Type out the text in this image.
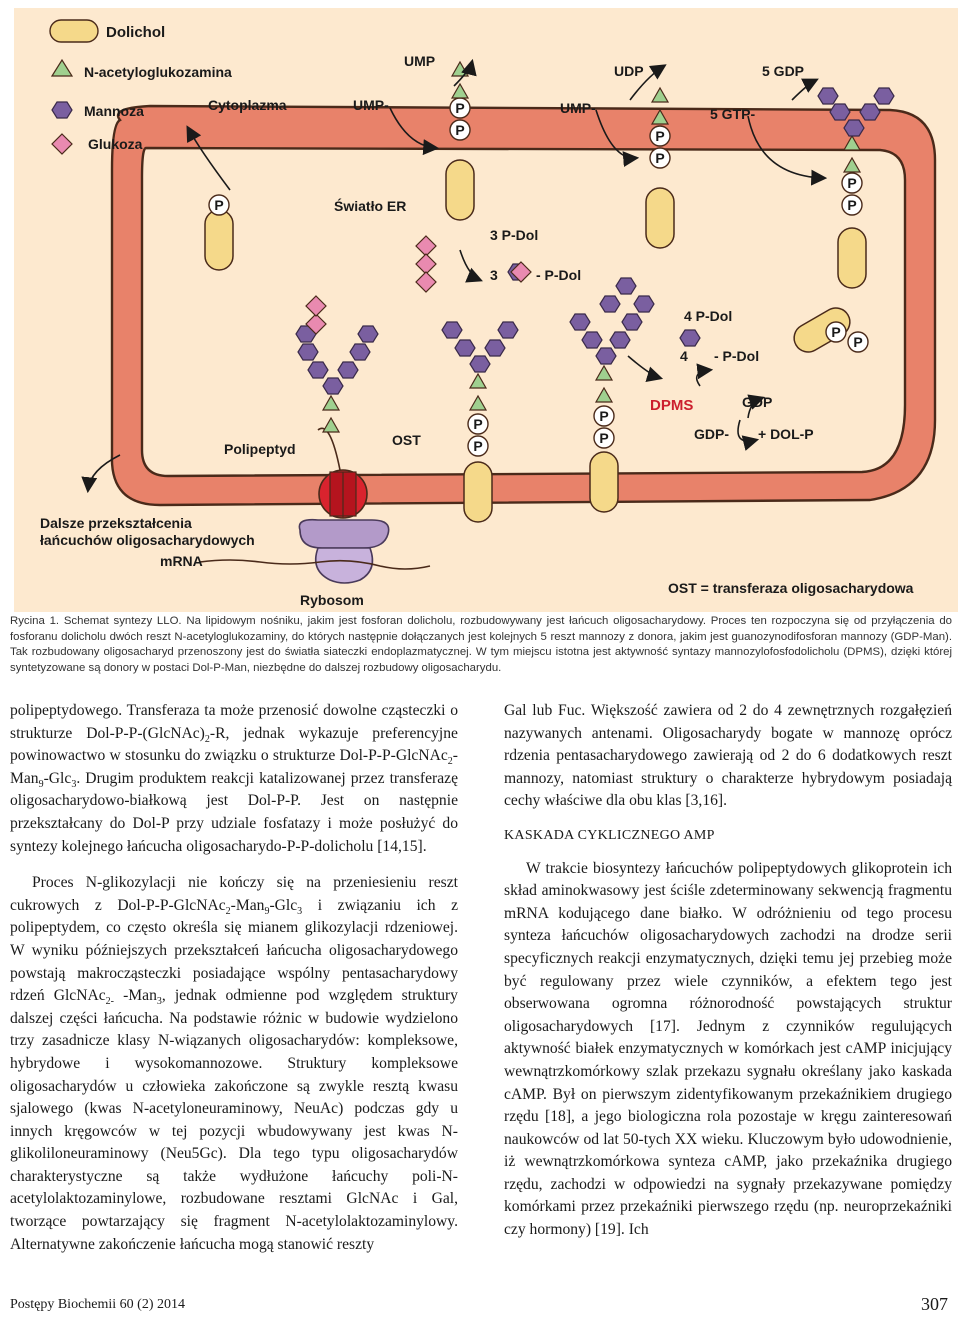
Dolichol
N-acetyloglukozamina
Mannoza
Glukoza
Cytoplazma
Światło ER
UMP
UMP-	UMP-
UDP	5 GDP
5 GTP-
3 P-Dol
3	- P-Dol
4 P-Dol
4 - P-Dol
DPMS	GDP
GDP- + DOL-P
Polipeptyd
OST
Dalsze przekształcenia
łańcuchów oligosacharydowych
mRNA
Rybosom
OST = transferaza oligosacharydowa
P
P
P	P
P
P
P
P
P
P
P
P
P
Rycina 1. Schemat syntezy LLO. Na lipidowym nośniku, jakim jest fosforan dolicholu, rozbudowywany jest łańcuch oligosacharydowy. Proces ten rozpoczyna się od przyłączenia do fosforanu dolicholu dwóch reszt N-acetyloglukozaminy, do których następnie dołączanych jest kolejnych 5 reszt mannozy z donora, jakim jest guanozynodifosforan mannozy (GDP-Man). Tak rozbudowany oligosacharyd przenoszony jest do światła siateczki endoplazmatycznej. W tym miejscu istotna jest aktywność syntazy mannozylofosfodolicholu (DPMS), dzięki której syntetyzowane są donory w postaci Dol-P-Man, niezbędne do dalszej rozbudowy oligosacharydu.

polipeptydowego. Transferaza ta może przenosić dowolne cząsteczki o strukturze Dol-$P-P-(GlcNAc)_2-R$, jednak wykazuje preferencyjne powinowactwo w stosunku do związku o strukturze Dol-P-P-GlcNAc$_2$-Man$_9$-Glc$_3$. Drugim produktem reakcji katalizowanej przez transferazę oligosacharydowo-białkową jest Dol-P-P. Jest on następnie przekształcany do Dol-P przy udziale fosfatazy i może posłużyć do syntezy kolejnego łańcucha oligosacharydo-P-P-dolicholu [14,15].

Proces N-glikozylacji nie kończy się na przeniesieniu reszt cukrowych z Dol-P-P-GlcNAc$_2$-Man$_9$-Glc$_3$ i związaniu ich z polipeptydem, co często określa się mianem glikozylacji rdzeniowej. W wyniku późniejszych przekształceń łańcucha oligosacharydowego powstają makrocząsteczki posiadające wspólny pentasacharydowy rdzeń GlcNAc$_{2-}$ -Man$_3$, jednak odmienne pod względem struktury dalszej części łańcucha. Na podstawie różnic w budowie wydzielono trzy zasadnicze klasy N-wiązanych oligosacharydów: kompleksowe, hybrydowe i wysokomannozowe. Struktury kompleksowe oligosacharydów u człowieka zakończone są zwykle resztą kwasu sjalowego (kwas N-acetyloneuraminowy, NeuAc) podczas gdy u innych kręgowców w tej pozycji wbudowywany jest kwas N-glikoliloneuraminowy (Neu5Gc). Dla tego typu oligosacharydów charakterystyczne są także wydłużone łańcuchy poli-N-acetylolaktozaminylowe, rozbudowane resztami GlcNAc i Gal, tworzące powtarzający się fragment N-acetylolaktozaminylowy. Alternatywne zakończenie łańcucha mogą stanowić reszty

Gal lub Fuc. Większość zawiera od 2 do 4 zewnętrznych rozgałęzień nazywanych antenami. Oligosacharydy bogate w mannozę oprócz rdzenia pentasacharydowego zawierają od 2 do 6 dodatkowych reszt mannozy, natomiast struktury o charakterze hybrydowym posiadają cechy właściwe dla obu klas [3,16].

KASKADA CYKLICZNEGO AMP

W trakcie biosyntezy łańcuchów polipeptydowych glikoprotein ich skład aminokwasowy jest ściśle zdeterminowany sekwencją fragmentu mRNA kodującego dane białko. W odróżnieniu od tego procesu synteza łańcuchów oligosacharydowych zachodzi na drodze serii specyficznych reakcji enzymatycznych, dzięki temu jej przebieg może być regulowany przez wiele czynników, a efektem tego jest obserwowana ogromna różnorodność powstających struktur oligosacharydowych [17]. Jednym z czynników regulujących aktywność białek enzymatycznych w komórkach jest cAMP inicjujący wewnątrzkomórkowy szlak przekazu sygnału określany jako kaskada cAMP. Był on pierwszym zidentyfikowanym przekaźnikiem drugiego rzędu [18], a jego biologiczna rola pozostaje w kręgu zainteresowań naukowców od lat 50-tych XX wieku. Kluczowym było udowodnienie, iż wewnątrzkomórkowa synteza cAMP, jako przekaźnika drugiego rzędu, zachodzi w odpowiedzi na sygnały przekazywane pomiędzy komórkami przez przekaźniki pierwszego rzędu (np. neuroprzekaźniki czy hormony) [19]. Ich

Postępy Biochemii 60 (2) 2014	307
